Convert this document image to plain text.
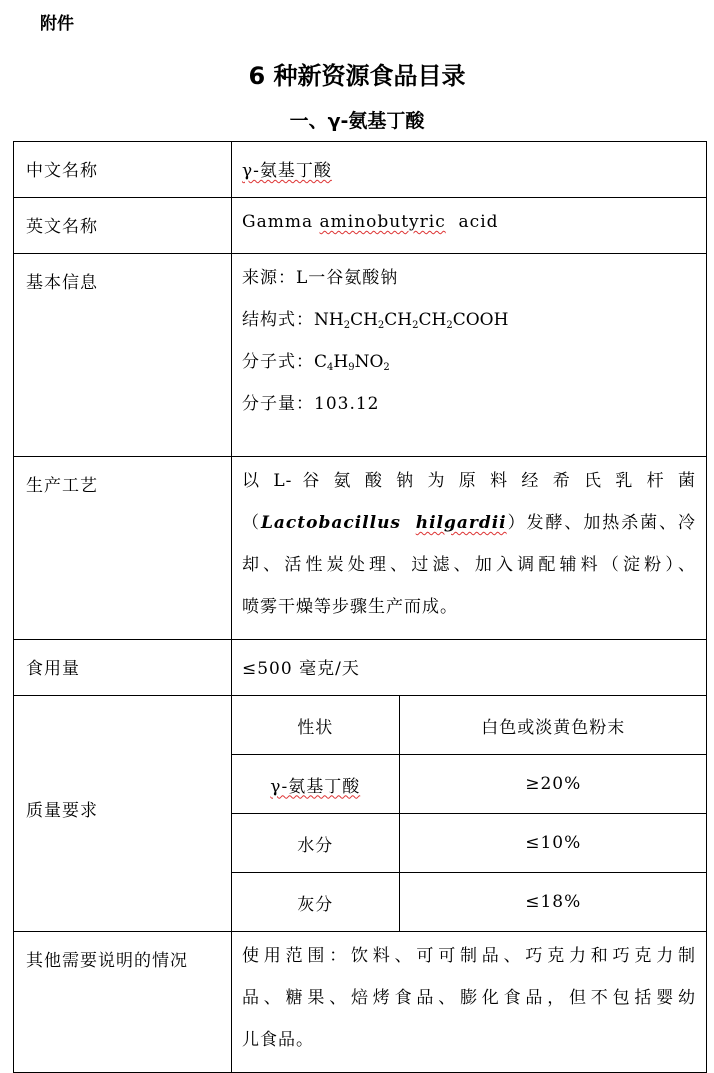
附件
6 种新资源食品目录
一、γ-氨基丁酸
中文名称	γ-氨基丁酸
英文名称	Gamma aminobutyric acid
基本信息	来源：L一谷氨酸钠
结构式：$NH_2CH_2CH_2CH_2COOH$
分子式：$C_4H_9NO_2$
分子量：103.12

生产工艺	以 L- 谷 氨 酸 钠 为 原 料 经 希 氏 乳 杆 菌
（Lactobacillus hilgardii）发酵、加热杀菌、冷
却、活性炭处理、过滤、加入调配辅料（淀粉）、
喷雾干燥等步骤生产而成。

食用量	≤500 毫克/天

质量要求

性状	白色或淡黄色粉末
γ-氨基丁酸	≥20%
水分	≤10%
灰分	≤18%

其他需要说明的情况	使用范围：饮料、可可制品、巧克力和巧克力制
品、糖果、焙烤食品、膨化食品，但不包括婴幼
儿食品。
